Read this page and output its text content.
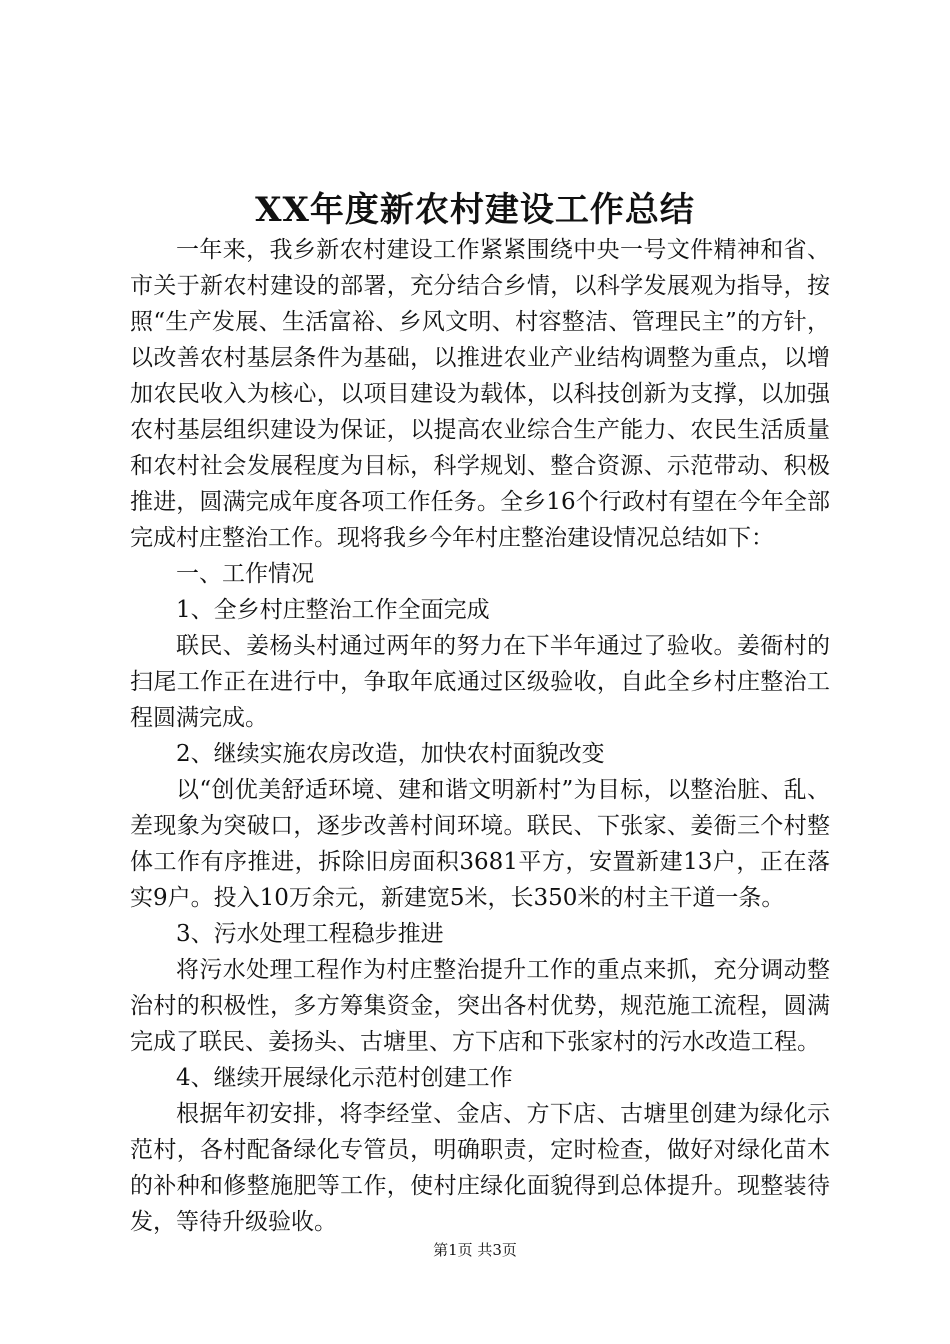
XX年度新农村建设工作总结

一年来，我乡新农村建设工作紧紧围绕中央一号文件精神和省、市关于新农村建设的部署，充分结合乡情，以科学发展观为指导，按照“生产发展、生活富裕、乡风文明、村容整洁、管理民主”的方针，以改善农村基层条件为基础，以推进农业产业结构调整为重点，以增加农民收入为核心，以项目建设为载体，以科技创新为支撑，以加强农村基层组织建设为保证，以提高农业综合生产能力、农民生活质量和农村社会发展程度为目标，科学规划、整合资源、示范带动、积极推进，圆满完成年度各项工作任务。全乡16个行政村有望在今年全部完成村庄整治工作。现将我乡今年村庄整治建设情况总结如下：

一、工作情况

1、全乡村庄整治工作全面完成

联民、姜杨头村通过两年的努力在下半年通过了验收。姜衙村的扫尾工作正在进行中，争取年底通过区级验收，自此全乡村庄整治工程圆满完成。

2、继续实施农房改造，加快农村面貌改变

以“创优美舒适环境、建和谐文明新村”为目标，以整治脏、乱、差现象为突破口，逐步改善村间环境。联民、下张家、姜衙三个村整体工作有序推进，拆除旧房面积3681平方，安置新建13户，正在落实9户。投入10万余元，新建宽5米，长350米的村主干道一条。

3、污水处理工程稳步推进

将污水处理工程作为村庄整治提升工作的重点来抓，充分调动整治村的积极性，多方筹集资金，突出各村优势，规范施工流程，圆满完成了联民、姜扬头、古塘里、方下店和下张家村的污水改造工程。

4、继续开展绿化示范村创建工作

根据年初安排，将李经堂、金店、方下店、古塘里创建为绿化示范村，各村配备绿化专管员，明确职责，定时检查，做好对绿化苗木的补种和修整施肥等工作，使村庄绿化面貌得到总体提升。现整装待发，等待升级验收。

第1页 共3页
